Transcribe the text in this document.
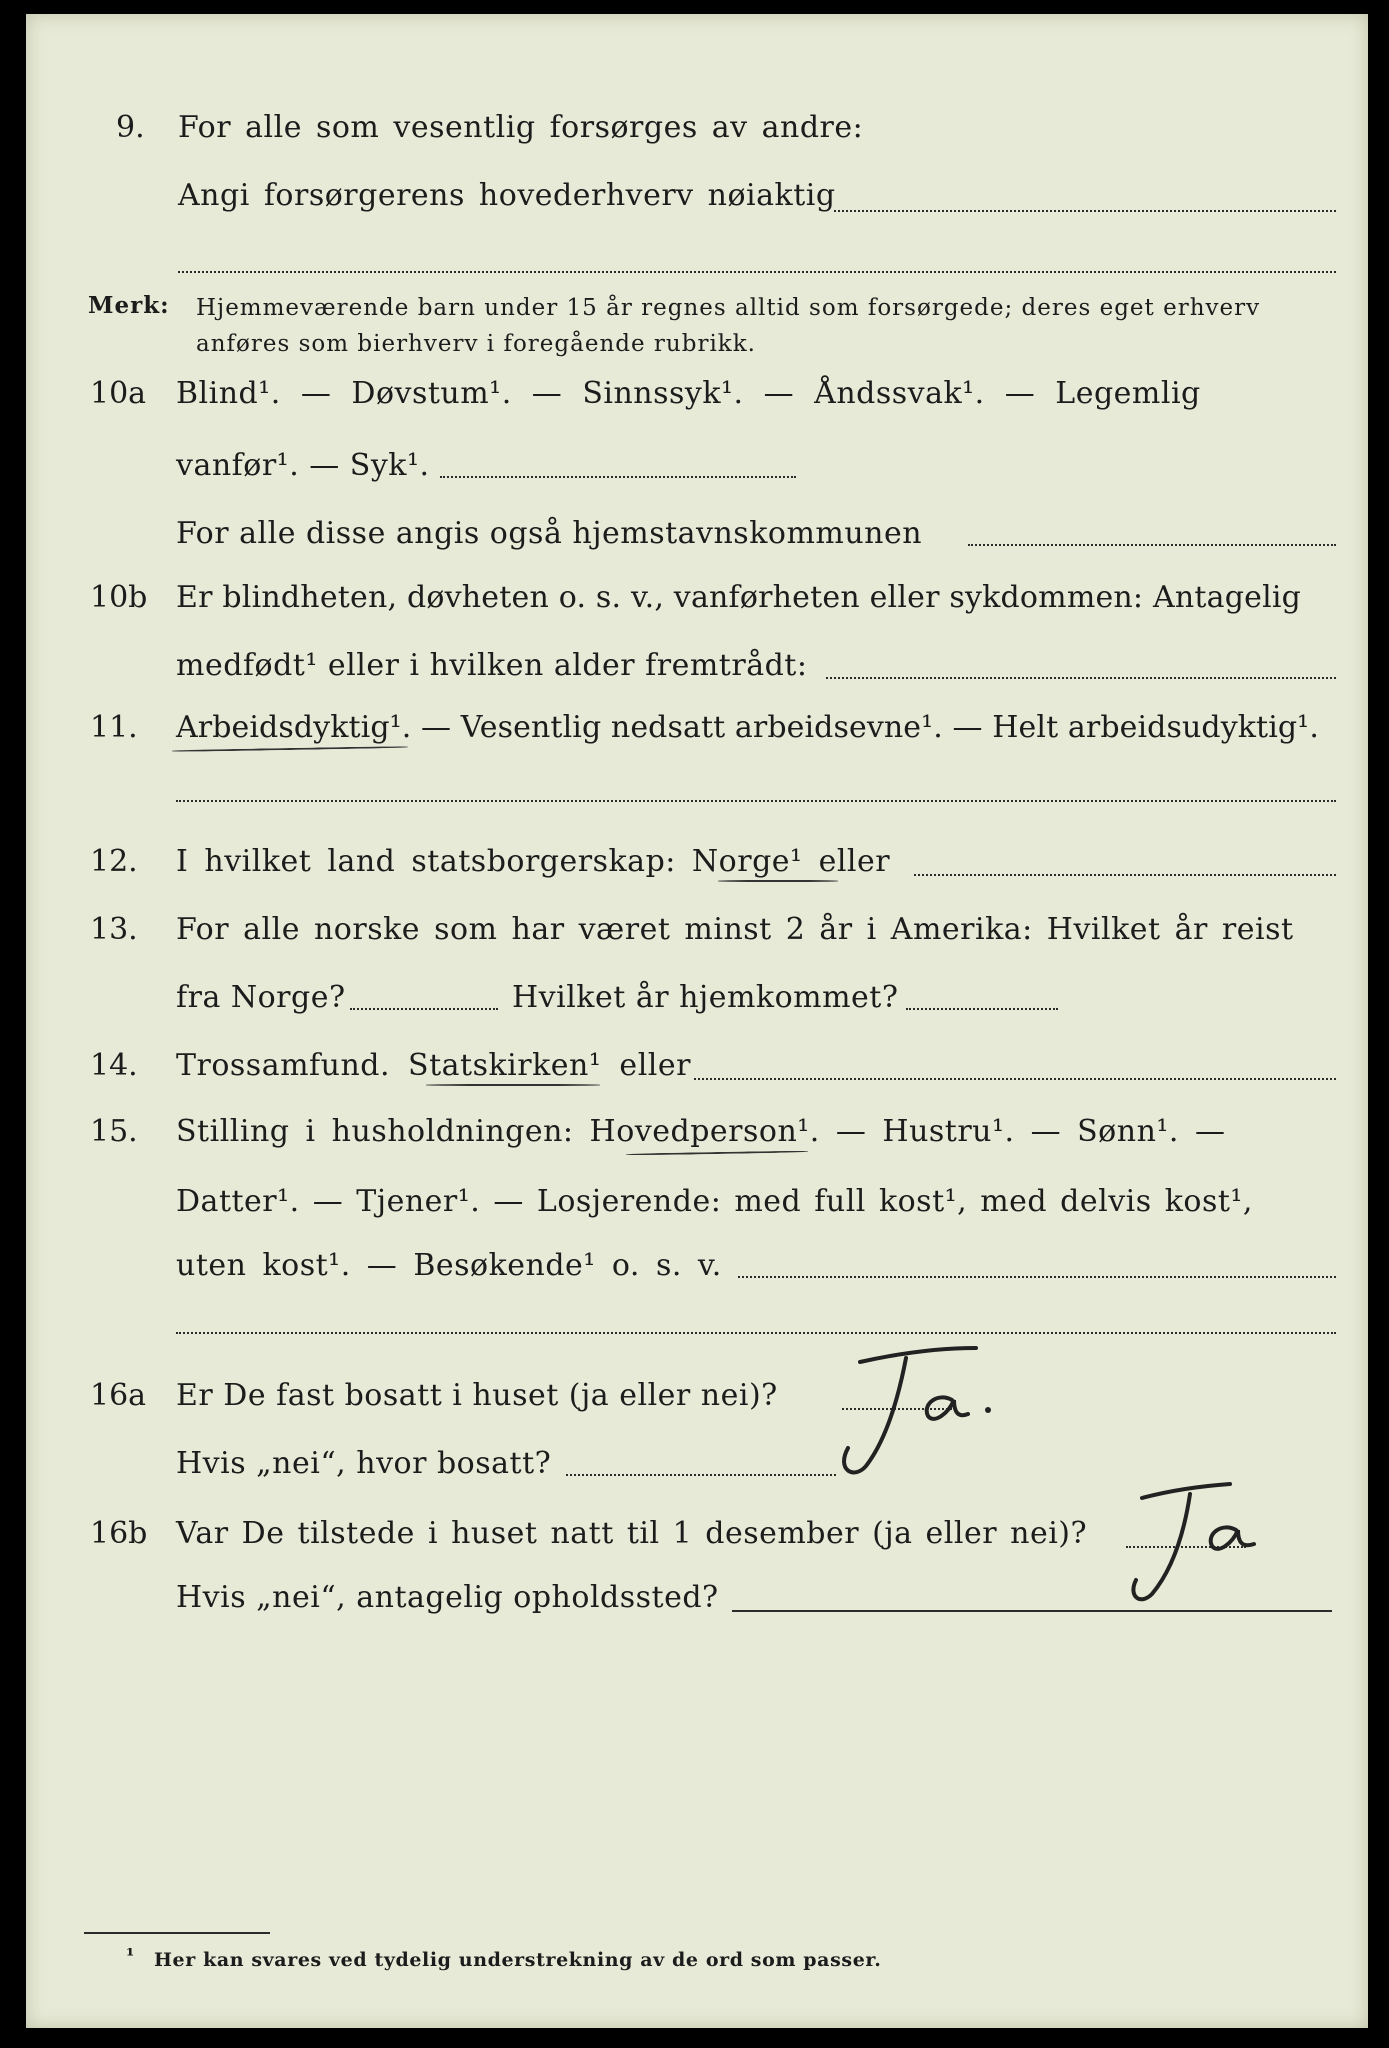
9. For alle som vesentlig forsørges av andre:
Angi forsørgerens hovederhverv nøiaktig
Merk: Hjemmeværende barn under 15 år regnes alltid som forsørgede; deres eget erhverv
anføres som bierhverv i foregående rubrikk.
10a Blind¹. — Døvstum¹. — Sinnssyk¹. — Åndssvak¹. — Legemlig
vanfør¹. — Syk¹.
For alle disse angis også hjemstavnskommunen
10b Er blindheten, døvheten o. s. v., vanførheten eller sykdommen: Antagelig
medfødt¹ eller i hvilken alder fremtrådt:
11. Arbeidsdyktig¹. — Vesentlig nedsatt arbeidsevne¹. — Helt arbeidsudyktig¹.
12. I hvilket land statsborgerskap: Norge¹ eller
13. For alle norske som har været minst 2 år i Amerika: Hvilket år reist
fra Norge?	Hvilket år hjemkommet?
14. Trossamfund. Statskirken¹ eller
15. Stilling i husholdningen: Hovedperson¹. — Hustru¹. — Sønn¹. —
Datter¹. — Tjener¹. — Losjerende: med full kost¹, med delvis kost¹,
uten kost¹. — Besøkende¹ o. s. v.
16a Er De fast bosatt i huset (ja eller nei)?
Hvis „nei“, hvor bosatt?
16b Var De tilstede i huset natt til 1 desember (ja eller nei)?
Hvis „nei“, antagelig opholdssted?
¹ Her kan svares ved tydelig understrekning av de ord som passer.
